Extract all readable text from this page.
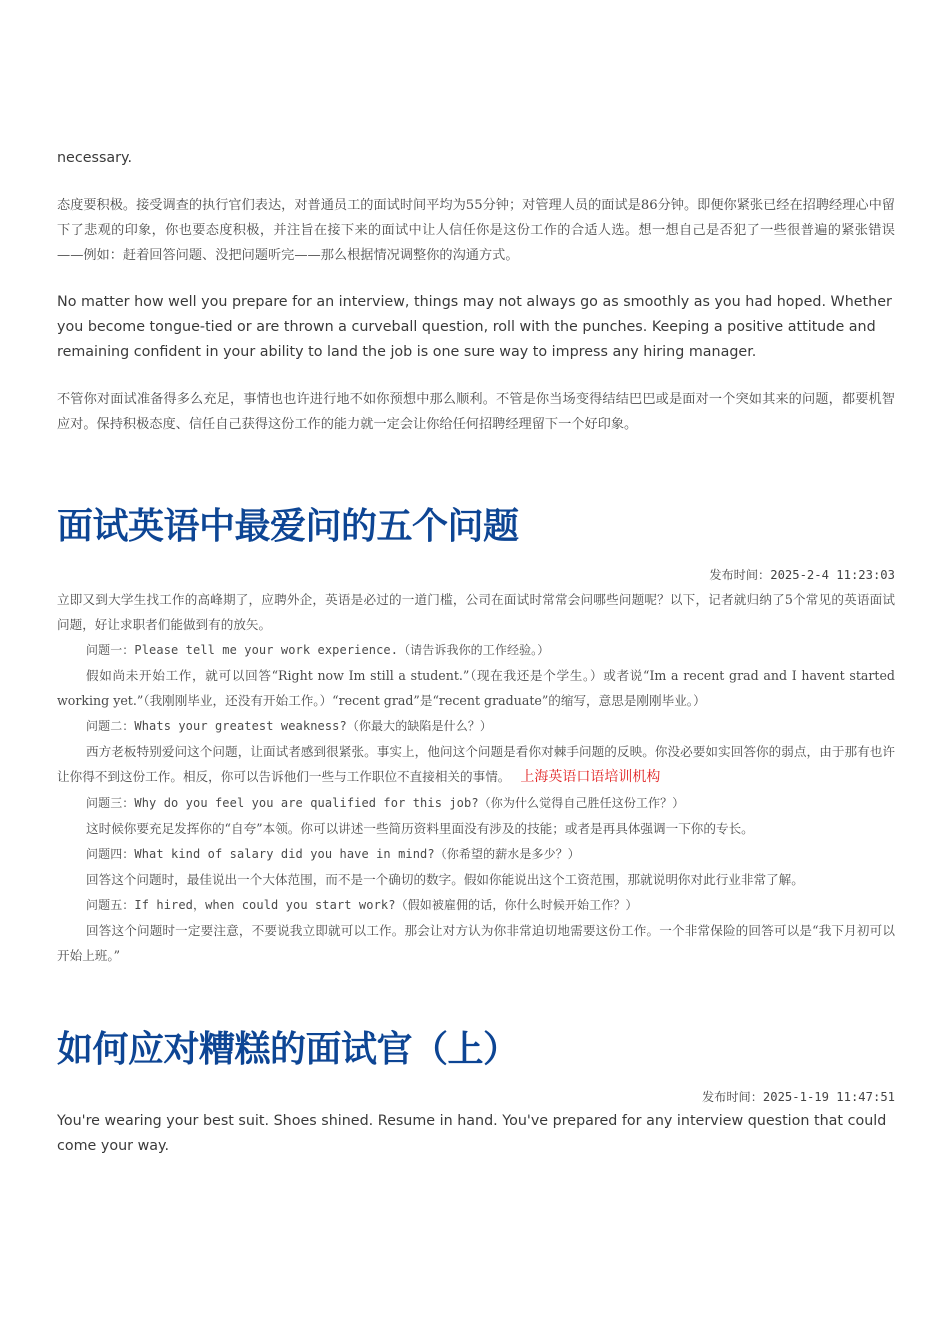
necessary.

态度要积极。接受调查的执行官们表达，对普通员工的面试时间平均为55分钟；对管理人员的面试是86分钟。即便你紧张已经在招聘经理心中留下了悲观的印象，你也要态度积极，并注旨在接下来的面试中让人信任你是这份工作的合适人选。想一想自己是否犯了一些很普遍的紧张错误——例如：赶着回答问题、没把问题听完——那么根据情况调整你的沟通方式。

No matter how well you prepare for an interview, things may not always go as smoothly as you had hoped. Whether you become tongue-tied or are thrown a curveball question, roll with the punches. Keeping a positive attitude and remaining confident in your ability to land the job is one sure way to impress any hiring manager.

不管你对面试准备得多么充足，事情也也许进行地不如你预想中那么顺利。不管是你当场变得结结巴巴或是面对一个突如其来的问题，都要机智应对。保持积极态度、信任自己获得这份工作的能力就一定会让你给任何招聘经理留下一个好印象。

面试英语中最爱问的五个问题

发布时间：2025-2-4 11:23:03

立即又到大学生找工作的高峰期了，应聘外企，英语是必过的一道门槛，公司在面试时常常会问哪些问题呢？以下，记者就归纳了5个常见的英语面试问题，好让求职者们能做到有的放矢。

问题一：Please tell me your work experience.（请告诉我你的工作经验。）

假如尚未开始工作，就可以回答“Right now Im still a student.”（现在我还是个学生。）或者说“Im a recent grad and I havent started working yet.”（我刚刚毕业，还没有开始工作。）“recent grad”是“recent graduate”的缩写，意思是刚刚毕业。）

问题二：Whats your greatest weakness?（你最大的缺陷是什么？）

西方老板特别爱问这个问题，让面试者感到很紧张。事实上，他问这个问题是看你对棘手问题的反映。你没必要如实回答你的弱点，由于那有也许让你得不到这份工作。相反，你可以告诉他们一些与工作职位不直接相关的事情。 上海英语口语培训机构

问题三：Why do you feel you are qualified for this job?（你为什么觉得自己胜任这份工作？）

这时候你要充足发挥你的“自夸”本领。你可以讲述一些简历资料里面没有涉及的技能；或者是再具体强调一下你的专长。

问题四：What kind of salary did you have in mind?（你希望的薪水是多少？）

回答这个问题时，最佳说出一个大体范围，而不是一个确切的数字。假如你能说出这个工资范围，那就说明你对此行业非常了解。

问题五：If hired，when could you start work?（假如被雇佣的话，你什么时候开始工作？）

回答这个问题时一定要注意，不要说我立即就可以工作。那会让对方认为你非常迫切地需要这份工作。一个非常保险的回答可以是“我下月初可以开始上班。”

如何应对糟糕的面试官（上）

发布时间：2025-1-19 11:47:51

You're wearing your best suit. Shoes shined. Resume in hand. You've prepared for any interview question that could come your way.
